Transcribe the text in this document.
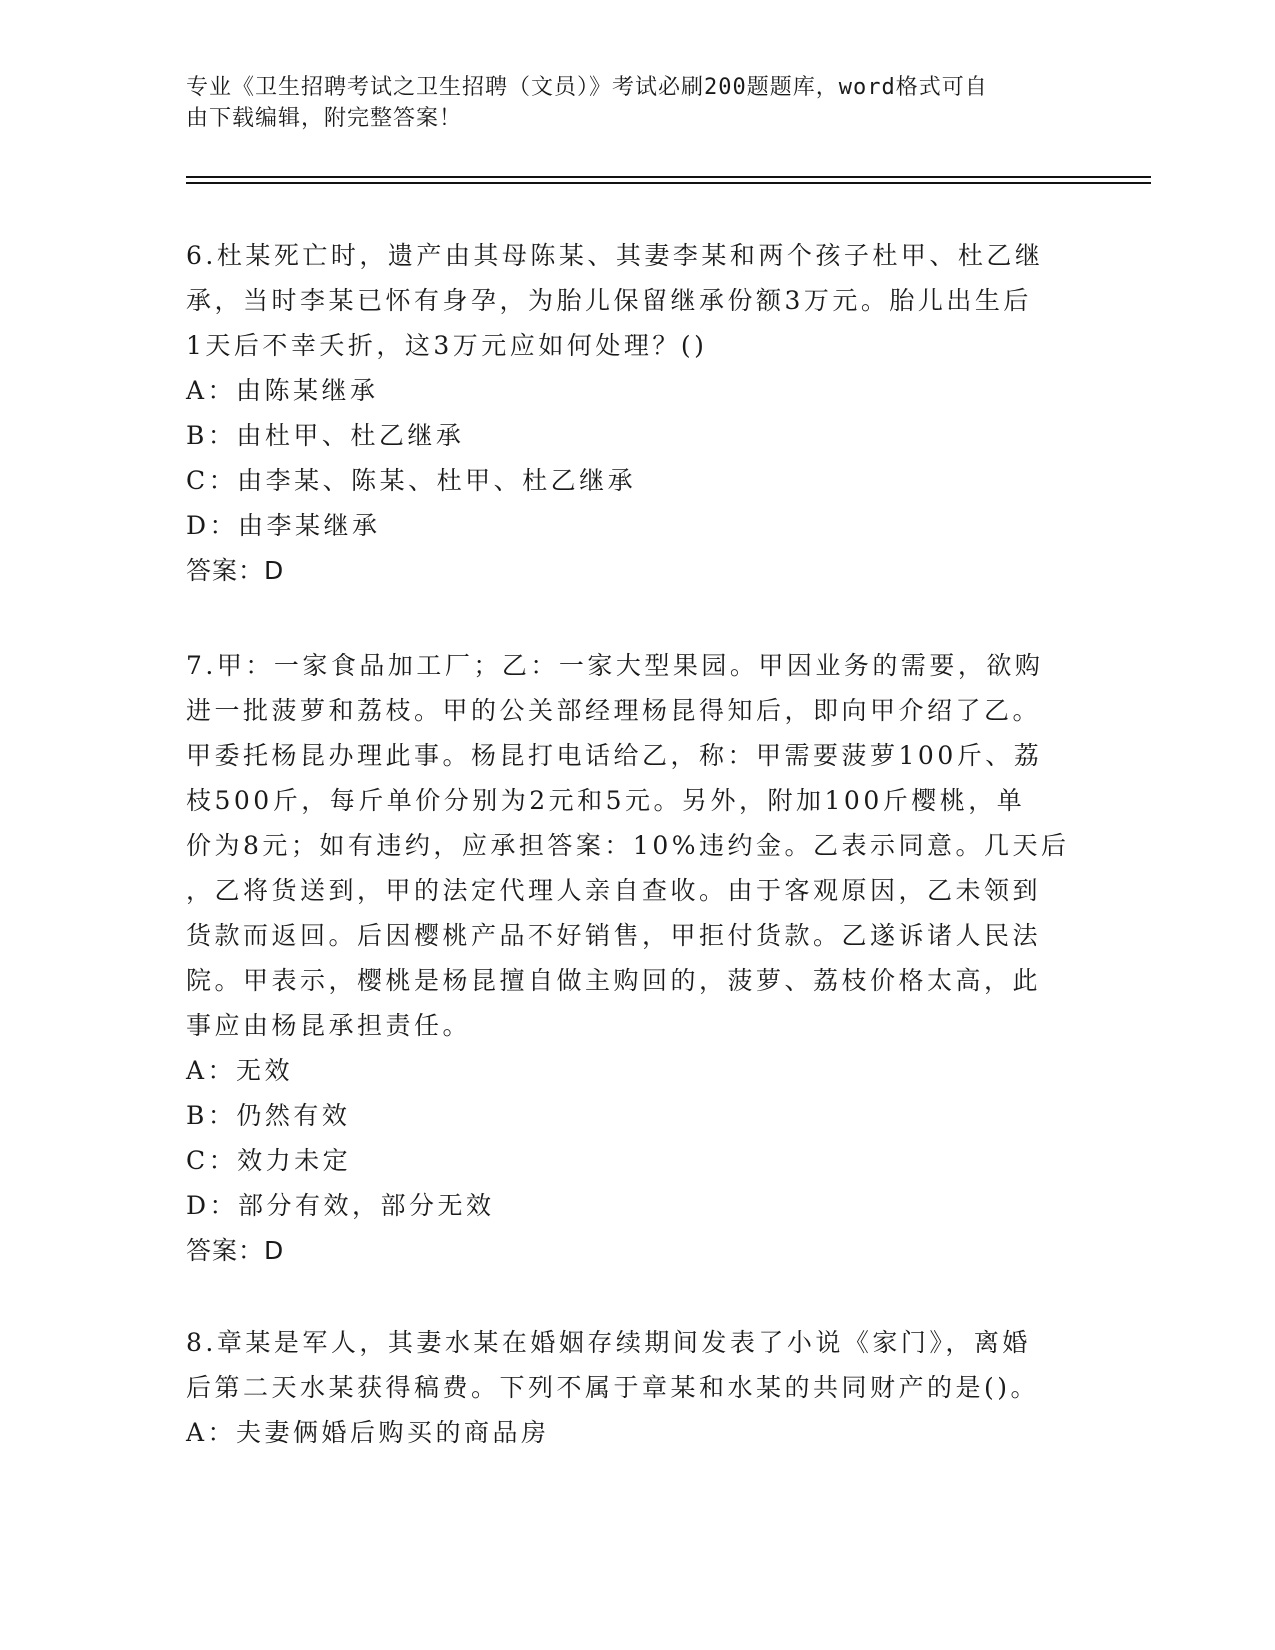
专业《卫生招聘考试之卫生招聘（文员）》考试必刷200题题库，word格式可自
由下载编辑，附完整答案！
6.杜某死亡时，遗产由其母陈某、其妻李某和两个孩子杜甲、杜乙继
承，当时李某已怀有身孕，为胎儿保留继承份额3万元。胎儿出生后
1天后不幸夭折，这3万元应如何处理？()
A：由陈某继承
B：由杜甲、杜乙继承
C：由李某、陈某、杜甲、杜乙继承
D：由李某继承
答案：D
7.甲：一家食品加工厂；乙：一家大型果园。甲因业务的需要，欲购
进一批菠萝和荔枝。甲的公关部经理杨昆得知后，即向甲介绍了乙。
甲委托杨昆办理此事。杨昆打电话给乙，称：甲需要菠萝100斤、荔
枝500斤，每斤单价分别为2元和5元。另外，附加100斤樱桃，单
价为8元；如有违约，应承担答案：10%违约金。乙表示同意。几天后
，乙将货送到，甲的法定代理人亲自查收。由于客观原因，乙未领到
货款而返回。后因樱桃产品不好销售，甲拒付货款。乙遂诉诸人民法
院。甲表示，樱桃是杨昆擅自做主购回的，菠萝、荔枝价格太高，此
事应由杨昆承担责任。
A：无效
B：仍然有效
C：效力未定
D：部分有效，部分无效
答案：D
8.章某是军人，其妻水某在婚姻存续期间发表了小说《家门》，离婚
后第二天水某获得稿费。下列不属于章某和水某的共同财产的是()。
A：夫妻俩婚后购买的商品房
